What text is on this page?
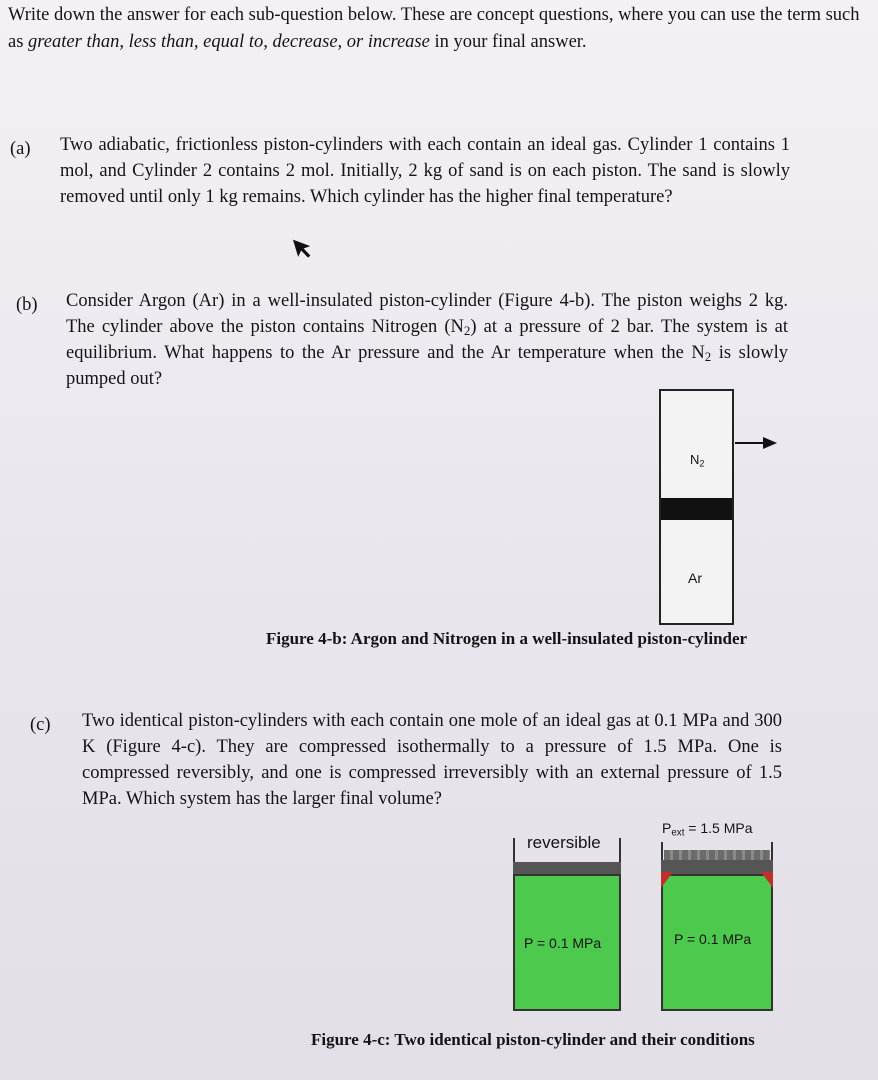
Write down the answer for each sub-question below. These are concept questions, where you can use the term such as greater than, less than, equal to, decrease, or increase in your final answer.
(a) Two adiabatic, frictionless piston-cylinders with each contain an ideal gas. Cylinder 1 contains 1 mol, and Cylinder 2 contains 2 mol. Initially, 2 kg of sand is on each piston. The sand is slowly removed until only 1 kg remains. Which cylinder has the higher final temperature?
(b) Consider Argon (Ar) in a well-insulated piston-cylinder (Figure 4-b). The piston weighs 2 kg. The cylinder above the piston contains Nitrogen $(N_2)$ at a pressure of 2 bar. The system is at equilibrium. What happens to the Ar pressure and the Ar temperature when the $N_2$ is slowly pumped out?
$N_2$
Ar
Figure 4-b: Argon and Nitrogen in a well-insulated piston-cylinder
(c) Two identical piston-cylinders with each contain one mole of an ideal gas at 0.1 MPa and 300 K (Figure 4-c). They are compressed isothermally to a pressure of 1.5 MPa. One is compressed reversibly, and one is compressed irreversibly with an external pressure of 1.5 MPa. Which system has the larger final volume?
reversible
P = 0.1 MPa
$P_{ext} = 1.5$ MPa
P = 0.1 MPa
Figure 4-c: Two identical piston-cylinder and their conditions
